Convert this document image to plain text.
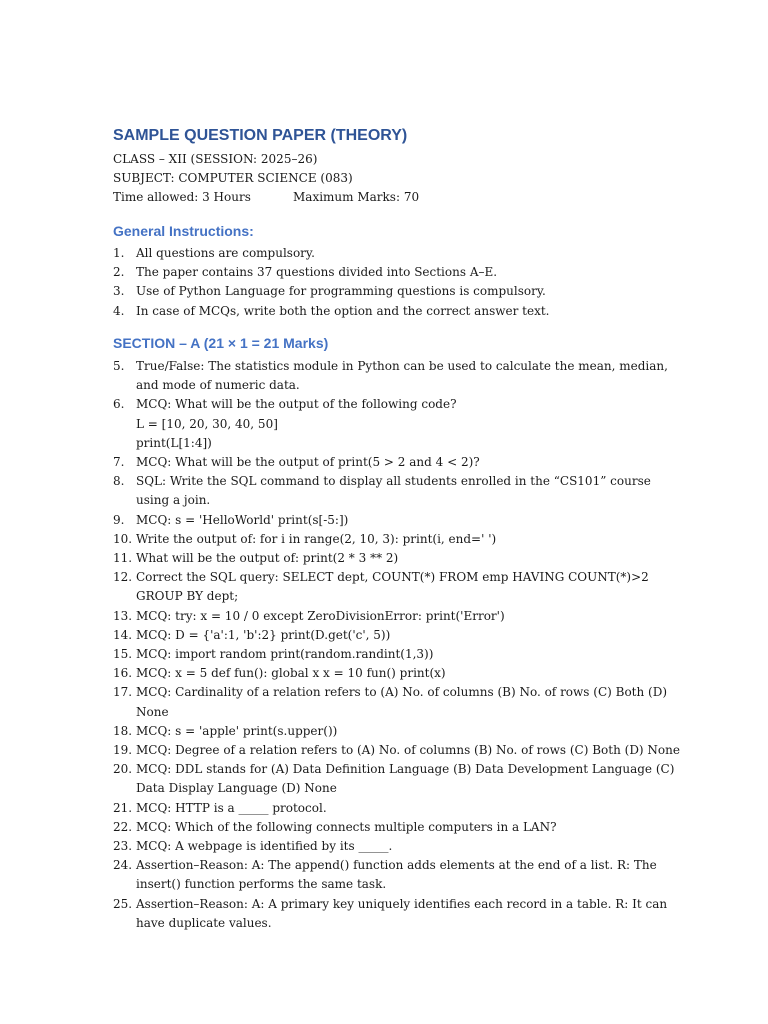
SAMPLE QUESTION PAPER (THEORY)
CLASS – XII (SESSION: 2025–26)
SUBJECT: COMPUTER SCIENCE (083)
Time allowed: 3 Hours	Maximum Marks: 70
General Instructions:
1. All questions are compulsory.
2. The paper contains 37 questions divided into Sections A–E.
3. Use of Python Language for programming questions is compulsory.
4. In case of MCQs, write both the option and the correct answer text.
SECTION – A (21 × 1 = 21 Marks)
5. True/False: The statistics module in Python can be used to calculate the mean, median,
and mode of numeric data.
6. MCQ: What will be the output of the following code?
L = [10, 20, 30, 40, 50]
print(L[1:4])
7. MCQ: What will be the output of print(5 > 2 and 4 < 2)?
8. SQL: Write the SQL command to display all students enrolled in the “CS101” course
using a join.
9. MCQ: s = 'HelloWorld' print(s[-5:])
10. Write the output of: for i in range(2, 10, 3): print(i, end=' ')
11. What will be the output of: print(2 * 3 ** 2)
12. Correct the SQL query: SELECT dept, COUNT(*) FROM emp HAVING COUNT(*)>2
GROUP BY dept;
13. MCQ: try: x = 10 / 0 except ZeroDivisionError: print('Error')
14. MCQ: D = {'a':1, 'b':2} print(D.get('c', 5))
15. MCQ: import random print(random.randint(1,3))
16. MCQ: x = 5 def fun(): global x x = 10 fun() print(x)
17. MCQ: Cardinality of a relation refers to (A) No. of columns (B) No. of rows (C) Both (D)
None
18. MCQ: s = 'apple' print(s.upper())
19. MCQ: Degree of a relation refers to (A) No. of columns (B) No. of rows (C) Both (D) None
20. MCQ: DDL stands for (A) Data Definition Language (B) Data Development Language (C)
Data Display Language (D) None
21. MCQ: HTTP is a _____ protocol.
22. MCQ: Which of the following connects multiple computers in a LAN?
23. MCQ: A webpage is identified by its _____.
24. Assertion–Reason: A: The append() function adds elements at the end of a list. R: The
insert() function performs the same task.
25. Assertion–Reason: A: A primary key uniquely identifies each record in a table. R: It can
have duplicate values.
